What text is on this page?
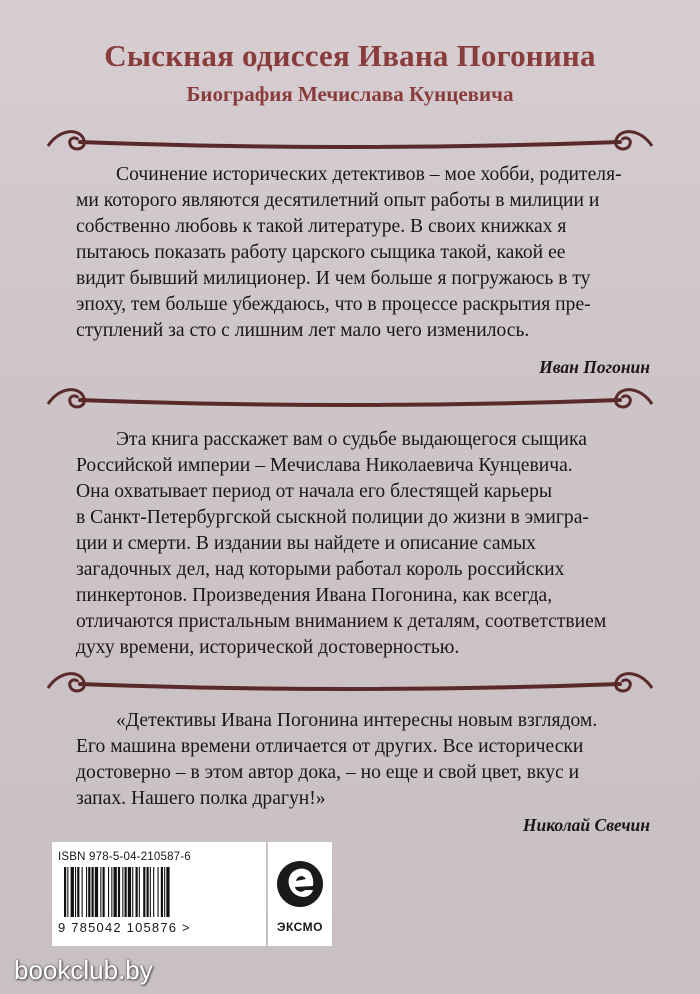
Сыскная одиссея Ивана Погонина
Биография Мечислава Кунцевича

Сочинение исторических детективов – мое хобби, родителя-

ми которого являются десятилетний опыт работы в милиции и
собственно любовь к такой литературе. В своих книжках я
пытаюсь показать работу царского сыщика такой, какой ее
видит бывший милиционер. И чем больше я погружаюсь в ту
эпоху, тем больше убеждаюсь, что в процессе раскрытия пре-
ступлений за сто с лишним лет мало чего изменилось.
Иван Погонин

Эта книга расскажет вам о судьбе выдающегося сыщика

Российской империи – Мечислава Николаевича Кунцевича.
Она охватывает период от начала его блестящей карьеры
в Санкт-Петербургской сыскной полиции до жизни в эмигра-
ции и смерти. В издании вы найдете и описание самых
загадочных дел, над которыми работал король российских
пинкертонов. Произведения Ивана Погонина, как всегда,
отличаются пристальным вниманием к деталям, соответствием
духу времени, исторической достоверностью.

«Детективы Ивана Погонина интересны новым взглядом.

Его машина времени отличается от других. Все исторически
достоверно – в этом автор дока, – но еще и свой цвет, вкус и
запах. Нашего полка драгун!»
Николай Свечин
ISBN 978-5-04-210587-6
9 785042 105876 >	ЭКСМО
bookclub.by
